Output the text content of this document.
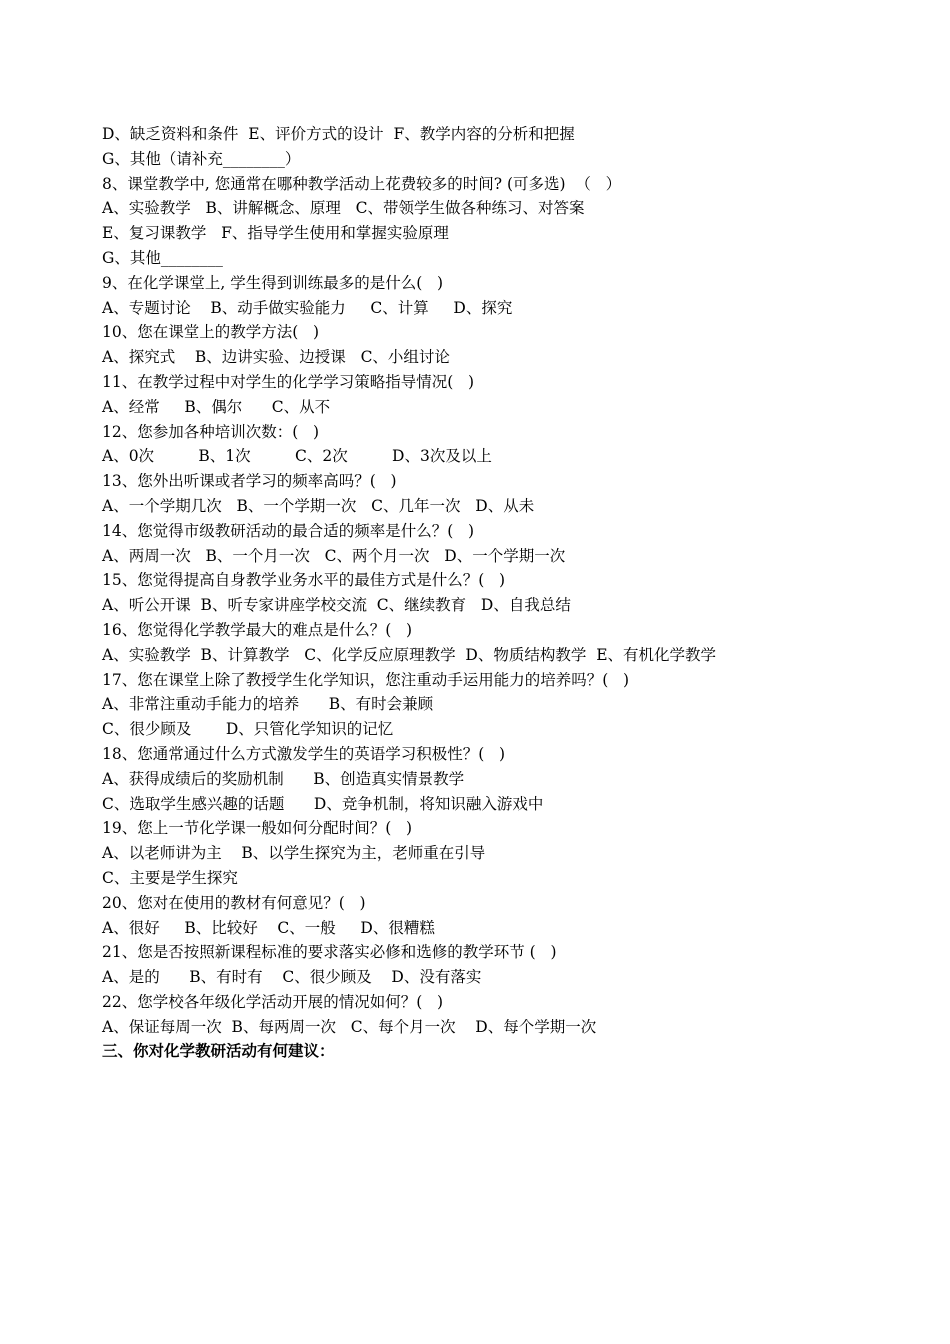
D、缺乏资料和条件  E、评价方式的设计  F、教学内容的分析和把握
G、其他（请补充________）
8、课堂教学中, 您通常在哪种教学活动上花费较多的时间? (可多选)  （   ）
A、实验教学   B、讲解概念、原理   C、带领学生做各种练习、对答案
E、复习课教学   F、指导学生使用和掌握实验原理
G、其他________
9、在化学课堂上, 学生得到训练最多的是什么(   )
A、专题讨论    B、动手做实验能力     C、计算     D、探究
10、您在课堂上的教学方法(   )
A、探究式    B、边讲实验、边授课   C、小组讨论
11、在教学过程中对学生的化学学习策略指导情况(   )
A、经常     B、偶尔      C、从不
12、您参加各种培训次数：(   )
A、0次         B、1次         C、2次         D、3次及以上
13、您外出听课或者学习的频率高吗？(   )
A、一个学期几次   B、一个学期一次   C、几年一次   D、从未
14、您觉得市级教研活动的最合适的频率是什么？(   )
A、两周一次   B、一个月一次   C、两个月一次   D、一个学期一次
15、您觉得提高自身教学业务水平的最佳方式是什么？(   )
A、听公开课  B、听专家讲座学校交流  C、继续教育   D、自我总结
16、您觉得化学教学最大的难点是什么？(   )
A、实验教学  B、计算教学   C、化学反应原理教学  D、物质结构教学  E、有机化学教学
17、您在课堂上除了教授学生化学知识，您注重动手运用能力的培养吗？(   )
A、非常注重动手能力的培养      B、有时会兼顾
C、很少顾及       D、只管化学知识的记忆
18、您通常通过什么方式激发学生的英语学习积极性？(   )
A、获得成绩后的奖励机制      B、创造真实情景教学
C、选取学生感兴趣的话题      D、竞争机制，将知识融入游戏中
19、您上一节化学课一般如何分配时间？(   )
A、以老师讲为主    B、以学生探究为主，老师重在引导
C、主要是学生探究
20、您对在使用的教材有何意见？(   )
A、很好     B、比较好    C、一般     D、很糟糕
21、您是否按照新课程标准的要求落实必修和选修的教学环节 (   )
A、是的      B、有时有    C、很少顾及    D、没有落实
22、您学校各年级化学活动开展的情况如何？(   )
A、保证每周一次  B、每两周一次   C、每个月一次    D、每个学期一次
三、你对化学教研活动有何建议：
